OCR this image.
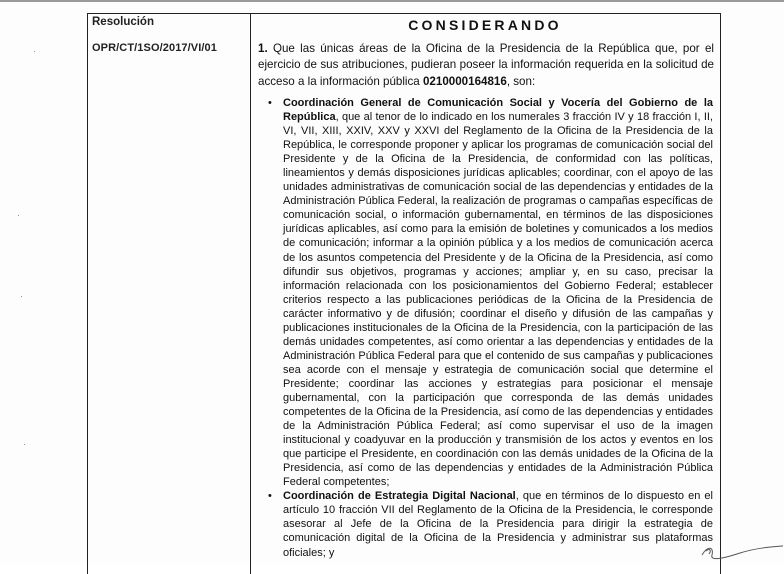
·
·
·
·
Resolución
OPR/CT/1SO/2017/VI/01
CONSIDERANDO
1. Que las únicas áreas de la Oficina de la Presidencia de la República que, por el ejercicio de sus atribuciones, pudieran poseer la información requerida en la solicitud de acceso a la información pública 0210000164816, son:
• Coordinación General de Comunicación Social y Vocería del Gobierno de la República, que al tenor de lo indicado en los numerales 3 fracción IV y 18 fracción I, II, VI, VII, XIII, XXIV, XXV y XXVI del Reglamento de la Oficina de la Presidencia de la República, le corresponde proponer y aplicar los programas de comunicación social del Presidente y de la Oficina de la Presidencia, de conformidad con las políticas, lineamientos y demás disposiciones jurídicas aplicables; coordinar, con el apoyo de las unidades administrativas de comunicación social de las dependencias y entidades de la Administración Pública Federal, la realización de programas o campañas específicas de comunicación social, o información gubernamental, en términos de las disposiciones jurídicas aplicables, así como para la emisión de boletines y comunicados a los medios de comunicación; informar a la opinión pública y a los medios de comunicación acerca de los asuntos competencia del Presidente y de la Oficina de la Presidencia, así como difundir sus objetivos, programas y acciones; ampliar y, en su caso, precisar la información relacionada con los posicionamientos del Gobierno Federal; establecer criterios respecto a las publicaciones periódicas de la Oficina de la Presidencia de carácter informativo y de difusión; coordinar el diseño y difusión de las campañas y publicaciones institucionales de la Oficina de la Presidencia, con la participación de las demás unidades competentes, así como orientar a las dependencias y entidades de la Administración Pública Federal para que el contenido de sus campañas y publicaciones sea acorde con el mensaje y estrategia de comunicación social que determine el Presidente; coordinar las acciones y estrategias para posicionar el mensaje gubernamental, con la participación que corresponda de las demás unidades competentes de la Oficina de la Presidencia, así como de las dependencias y entidades de la Administración Pública Federal; así como supervisar el uso de la imagen institucional y coadyuvar en la producción y transmisión de los actos y eventos en los que participe el Presidente, en coordinación con las demás unidades de la Oficina de la Presidencia, así como de las dependencias y entidades de la Administración Pública Federal competentes;
• Coordinación de Estrategia Digital Nacional, que en términos de lo dispuesto en el artículo 10 fracción VII del Reglamento de la Oficina de la Presidencia, le corresponde asesorar al Jefe de la Oficina de la Presidencia para dirigir la estrategia de comunicación digital de la Oficina de la Presidencia y administrar sus plataformas oficiales; y
